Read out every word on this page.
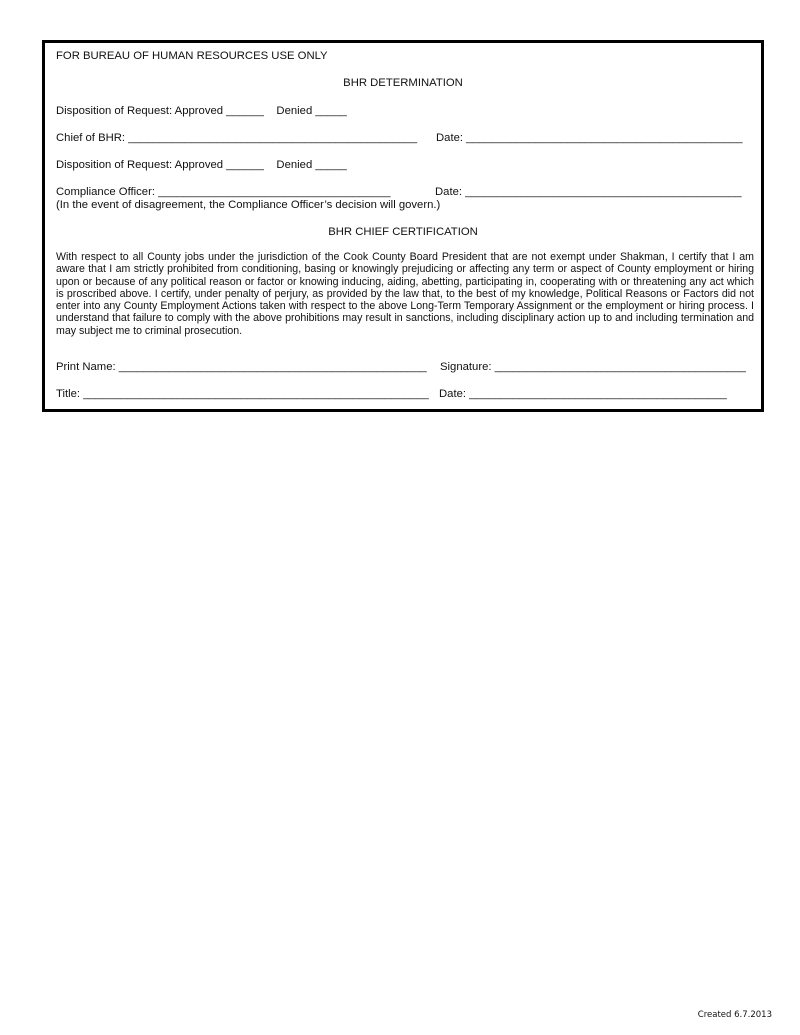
FOR BUREAU OF HUMAN RESOURCES USE ONLY
BHR DETERMINATION
Disposition of Request: Approved ______    Denied _____
Chief of BHR: ______________________________________________ Date: ____________________________________________
Disposition of Request: Approved ______    Denied _____
Compliance Officer: _____________________________________	Date: ____________________________________________
(In the event of disagreement, the Compliance Officer’s decision will govern.)
BHR CHIEF CERTIFICATION
With respect to all County jobs under the jurisdiction of the Cook County Board President that are not exempt under Shakman, I certify that I am aware that I am strictly prohibited from conditioning, basing or knowingly prejudicing or affecting any term or aspect of County employment or hiring upon or because of any political reason or factor or knowing inducing, aiding, abetting, participating in, cooperating with or threatening any act which is proscribed above. I certify, under penalty of perjury, as provided by the law that, to the best of my knowledge, Political Reasons or Factors did not enter into any County Employment Actions taken with respect to the above Long-Term Temporary Assignment or the employment or hiring process. I understand that failure to comply with the above prohibitions may result in sanctions, including disciplinary action up to and including termination and may subject me to criminal prosecution.
Print Name: _________________________________________________ Signature: ________________________________________
Title: _______________________________________________________ Date: _________________________________________
Created 6.7.2013
